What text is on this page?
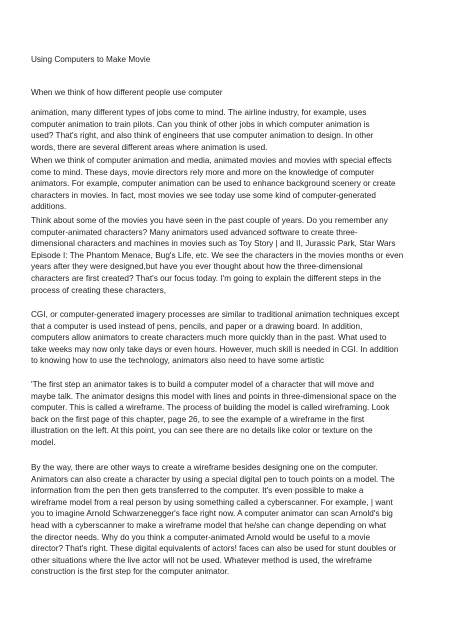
Using Computers to Make Movie

When we think of how different people use computer

animation, many different types of jobs come to mind. The airline industry, for example, uses
computer animation to train pilots. Can you think of other jobs in which computer animation is
used? That's right, and also think of engineers that use computer animation to design. In other
words, there are several different areas where animation is used.

When we think of computer animation and media, animated movies and movies with special effects
come to mind. These days, movie directors rely more and more on the knowledge of computer
animators. For example, computer animation can be used to enhance background scenery or create
characters in movies. In fact, most movies we see today use some kind of computer-generated
additions.

Think about some of the movies you have seen in the past couple of years. Do you remember any
computer-animated characters? Many animators used advanced software to create three-
dimensional characters and machines in movies such as Toy Story | and II, Jurassic Park, Star Wars
Episode I: The Phantom Menace, Bug's Life, etc. We see the characters in the movies months or even
years after they were designed,but have you ever thought about how the three-dimensional
characters are first created? That's our focus today. I'm going to explain the different steps in the
process of creating these characters,

CGI, or computer-generated imagery processes are similar to traditional animation techniques except
that a computer is used instead of pens, pencils, and paper or a drawing board. In addition,
computers allow animators to create characters much more quickly than in the past. What used to
take weeks may now only take days or even hours. However, much skill is needed in CGI. In addition
to knowing how to use the technology, animators also need to have some artistic

'The first step an animator takes is to build a computer model of a character that will move and
maybe talk. The animator designs this model with lines and points in three-dimensional space on the
computer. This is called a wireframe. The process of building the model is called wireframing. Look
back on the first page of this chapter, page 26, to see the example of a wireframe in the first
illustration on the left. At this point, you can see there are no details like color or texture on the
model.

By the way, there are other ways to create a wireframe besides designing one on the computer.
Animators can also create a character by using a special digital pen to touch points on a model. The
information from the pen then gets transferred to the computer. It's even possible to make a
wireframe model from a real person by using something called a cyberscanner. For example, | want
you to imagine Arnold Schwarzenegger's face right now. A computer animator can scan Arnold's big
head with a cyberscanner to make a wireframe model that he/she can change depending on what
the director needs. Why do you think a computer-animated Arnold would be useful to a movie
director? That's right. These digital equivalents of actors! faces can also be used for stunt doubles or
other situations where the live actor will not be used. Whatever method is used, the wireframe

construction is the first step for the computer animator.
